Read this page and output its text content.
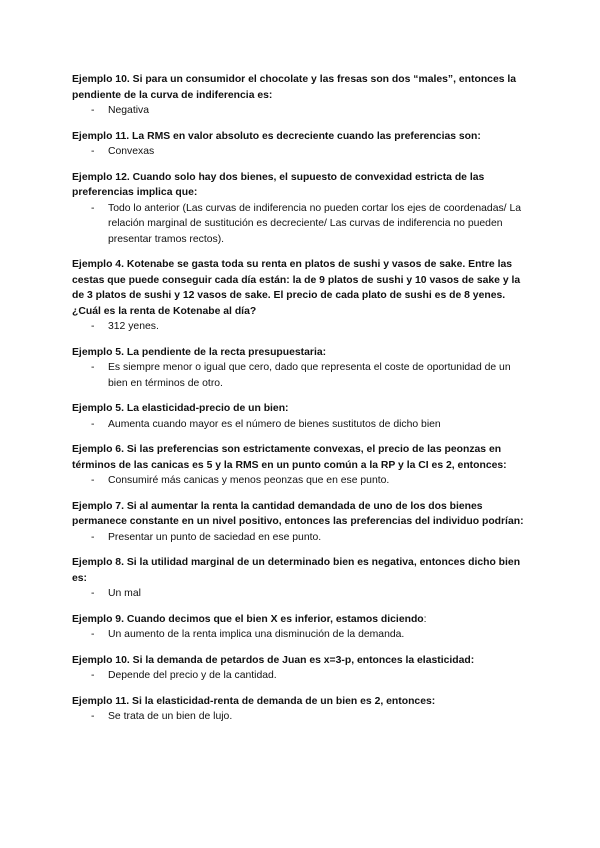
Ejemplo 10. Si para un consumidor el chocolate y las fresas son dos “males”, entonces la pendiente de la curva de indiferencia es:
- Negativa
Ejemplo 11. La RMS en valor absoluto es decreciente cuando las preferencias son:
- Convexas
Ejemplo 12. Cuando solo hay dos bienes, el supuesto de convexidad estricta de las preferencias implica que:
- Todo lo anterior (Las curvas de indiferencia no pueden cortar los ejes de coordenadas/ La relación marginal de sustitución es decreciente/ Las curvas de indiferencia no pueden presentar tramos rectos).
Ejemplo 4. Kotenabe se gasta toda su renta en platos de sushi y vasos de sake. Entre las cestas que puede conseguir cada día están: la de 9 platos de sushi y 10 vasos de sake y la de 3 platos de sushi y 12 vasos de sake. El precio de cada plato de sushi es de 8 yenes. ¿Cuál es la renta de Kotenabe al día?
- 312 yenes.
Ejemplo 5. La pendiente de la recta presupuestaria:
- Es siempre menor o igual que cero, dado que representa el coste de oportunidad de un bien en términos de otro.
Ejemplo 5. La elasticidad-precio de un bien:
- Aumenta cuando mayor es el número de bienes sustitutos de dicho bien
Ejemplo 6. Si las preferencias son estrictamente convexas, el precio de las peonzas en términos de las canicas es 5 y la RMS en un punto común a la RP y la CI es 2, entonces:
- Consumiré más canicas y menos peonzas que en ese punto.
Ejemplo 7. Si al aumentar la renta la cantidad demandada de uno de los dos bienes permanece constante en un nivel positivo, entonces las preferencias del individuo podrían:
- Presentar un punto de saciedad en ese punto.
Ejemplo 8. Si la utilidad marginal de un determinado bien es negativa, entonces dicho bien es:
- Un mal
Ejemplo 9. Cuando decimos que el bien X es inferior, estamos diciendo:
- Un aumento de la renta implica una disminución de la demanda.
Ejemplo 10. Si la demanda de petardos de Juan es x=3-p, entonces la elasticidad:
- Depende del precio y de la cantidad.
Ejemplo 11. Si la elasticidad-renta de demanda de un bien es 2, entonces:
- Se trata de un bien de lujo.
